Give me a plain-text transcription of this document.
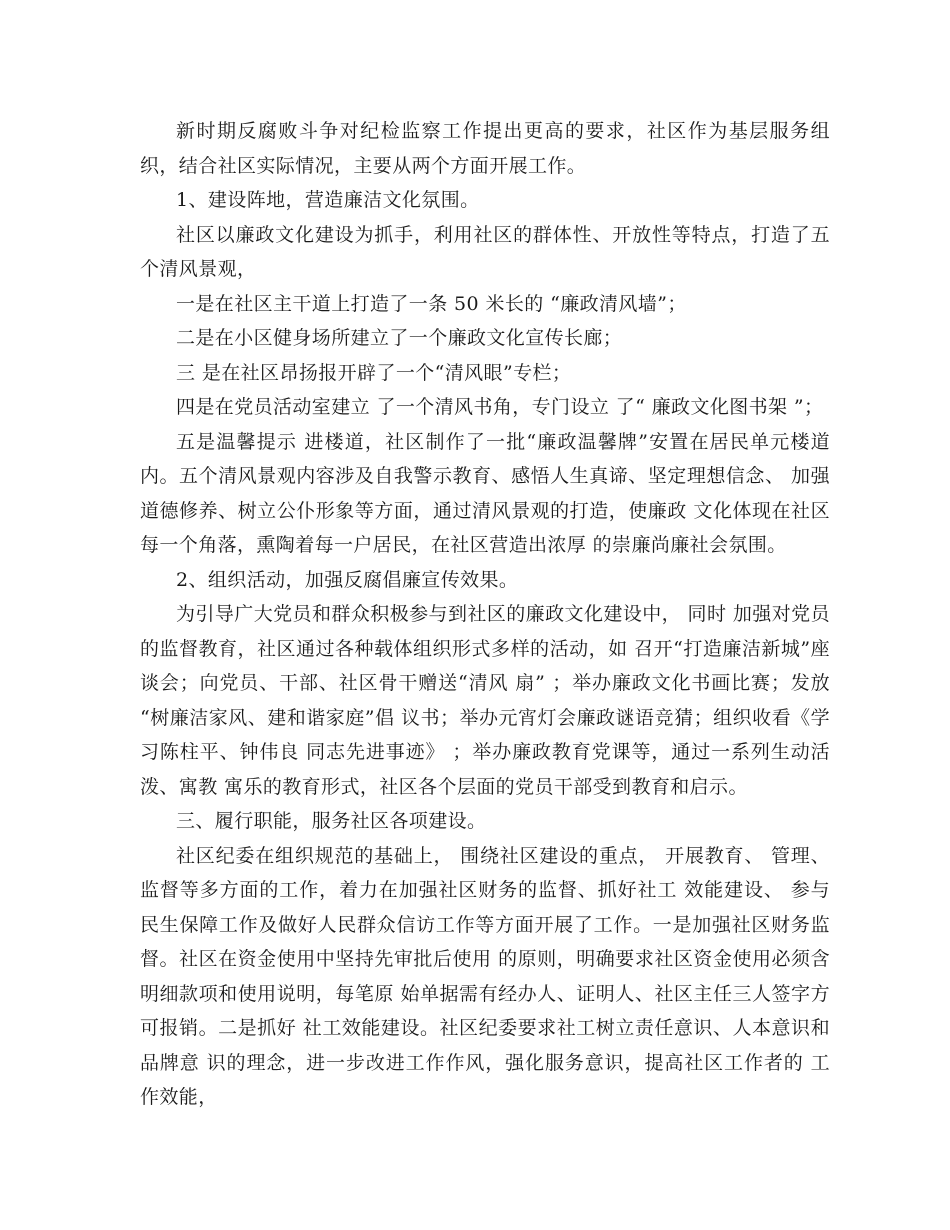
新时期反腐败斗争对纪检监察工作提出更高的要求，社区作为基层服务组织，结合社区实际情况，主要从两个方面开展工作。

1、建设阵地，营造廉洁文化氛围。

社区以廉政文化建设为抓手，利用社区的群体性、开放性等特点，打造了五个清风景观，

一是在社区主干道上打造了一条 50 米长的 “廉政清风墙”；

二是在小区健身场所建立了一个廉政文化宣传长廊；

三 是在社区昂扬报开辟了一个“清风眼”专栏；

四是在党员活动室建立 了一个清风书角，专门设立 了“ 廉政文化图书架 ”；

五是温馨提示 进楼道，社区制作了一批“廉政温馨牌”安置在居民单元楼道内。五个清风景观内容涉及自我警示教育、感悟人生真谛、坚定理想信念、 加强道德修养、树立公仆形象等方面，通过清风景观的打造，使廉政 文化体现在社区每一个角落，熏陶着每一户居民，在社区营造出浓厚 的崇廉尚廉社会氛围。

2、组织活动，加强反腐倡廉宣传效果。

为引导广大党员和群众积极参与到社区的廉政文化建设中， 同时 加强对党员的监督教育，社区通过各种载体组织形式多样的活动，如 召开“打造廉洁新城”座谈会；向党员、干部、社区骨干赠送“清风 扇” ；举办廉政文化书画比赛；发放 “树廉洁家风、建和谐家庭”倡 议书；举办元宵灯会廉政谜语竞猜；组织收看《学习陈柱平、钟伟良 同志先进事迹》 ；举办廉政教育党课等，通过一系列生动活泼、寓教 寓乐的教育形式，社区各个层面的党员干部受到教育和启示。

三、履行职能，服务社区各项建设。

社区纪委在组织规范的基础上， 围绕社区建设的重点， 开展教育、 管理、监督等多方面的工作，着力在加强社区财务的监督、抓好社工 效能建设、 参与民生保障工作及做好人民群众信访工作等方面开展了工作。一是加强社区财务监督。社区在资金使用中坚持先审批后使用 的原则，明确要求社区资金使用必须含明细款项和使用说明，每笔原 始单据需有经办人、证明人、社区主任三人签字方可报销。二是抓好 社工效能建设。社区纪委要求社工树立责任意识、人本意识和品牌意 识的理念，进一步改进工作作风，强化服务意识，提高社区工作者的 工作效能，
